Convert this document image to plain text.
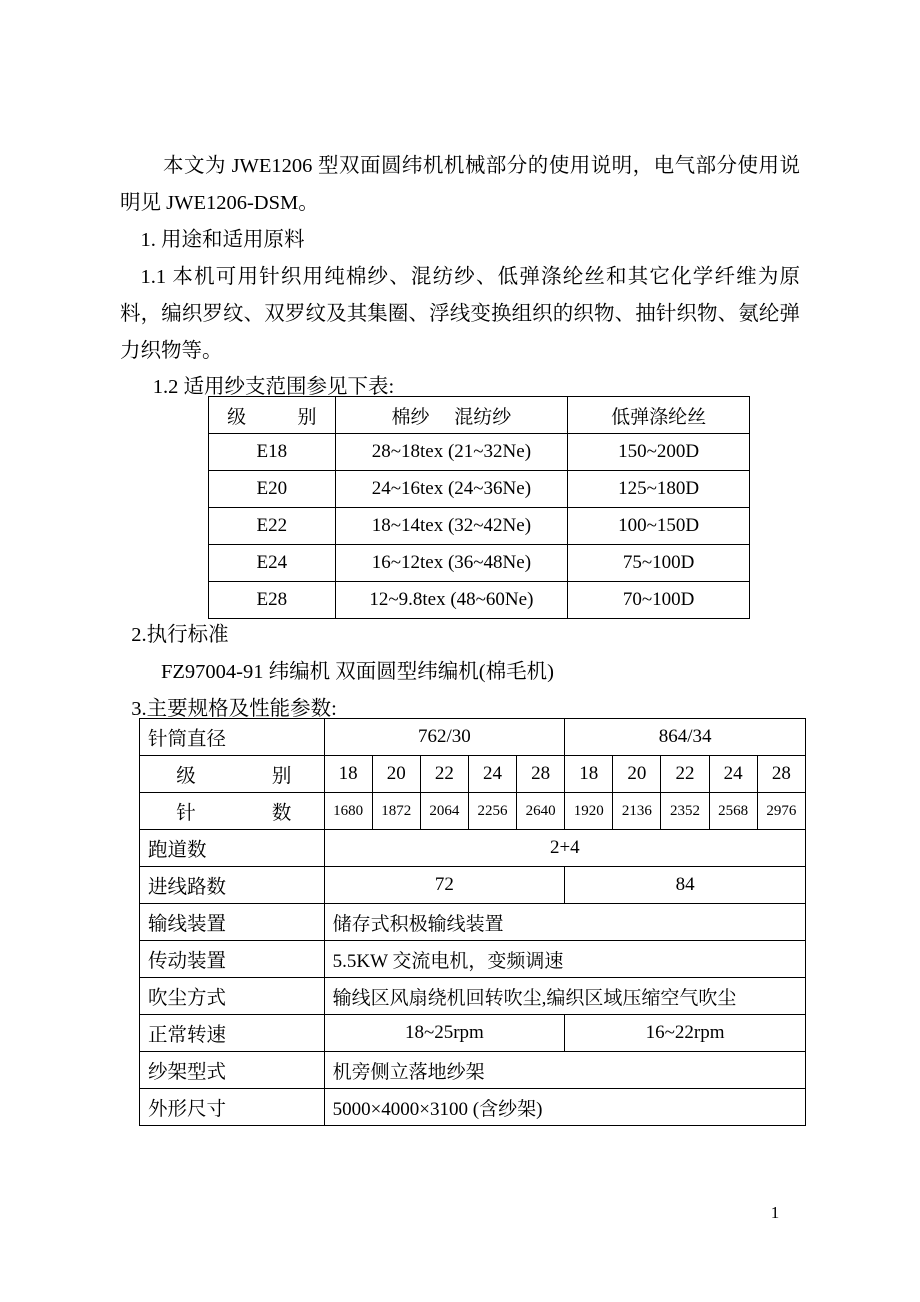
本文为 JWE1206 型双面圆纬机机械部分的使用说明，电气部分使用说明见 JWE1206-DSM。
1. 用途和适用原料
1.1 本机可用针织用纯棉纱、混纺纱、低弹涤纶丝和其它化学纤维为原料，编织罗纹、双罗纹及其集圈、浮线变换组织的织物、抽针织物、氨纶弹力织物等。
1.2 适用纱支范围参见下表:
级　别	棉纱 混纺纱	低弹涤纶丝
E18	28~18tex (21~32Ne)	150~200D
E20	24~16tex (24~36Ne)	125~180D
E22	18~14tex (32~42Ne)	100~150D
E24	16~12tex (36~48Ne)	75~100D
E28	12~9.8tex (48~60Ne)	70~100D
2.执行标准
FZ97004-91 纬编机 双面圆型纬编机(棉毛机)
3.主要规格及性能参数:
针筒直径	762/30					864/34				
级　别	18	20	22	24	28	18	20	22	24	28
针　数	1680	1872	2064	2256	2640	1920	2136	2352	2568	2976
跑道数	2+4									
进线路数	72					84				
输线装置	储存式积极输线装置									
传动装置	5.5KW 交流电机，变频调速									
吹尘方式	输线区风扇绕机回转吹尘,编织区域压缩空气吹尘									
正常转速	18~25rpm					16~22rpm				
纱架型式	机旁侧立落地纱架									
外形尺寸	5000×4000×3100 (含纱架)									
1
